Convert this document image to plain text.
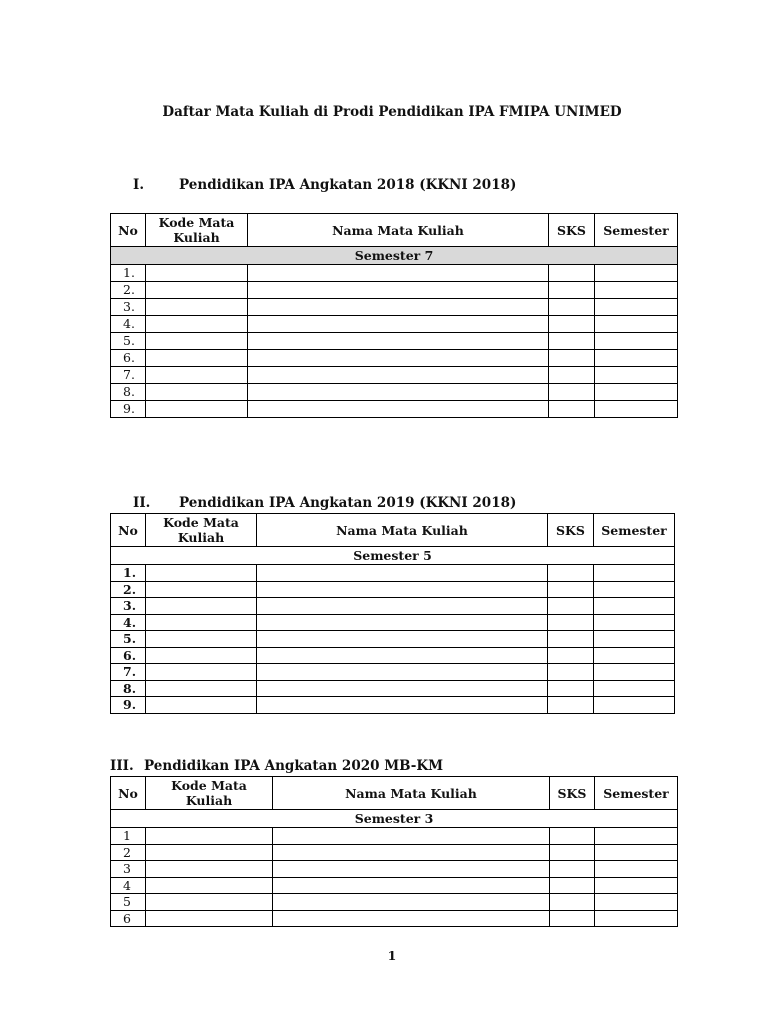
Daftar Mata Kuliah di Prodi Pendidikan IPA FMIPA UNIMED
I.	Pendidikan IPA Angkatan 2018 (KKNI 2018)
No	Kode Mata Kuliah	Nama Mata Kuliah	SKS	Semester
Semester 7				
1.				
2.				
3.				
4.				
5.				
6.				
7.				
8.				
9.				
II. Pendidikan IPA Angkatan 2019 (KKNI 2018)
No	Kode Mata Kuliah	Nama Mata Kuliah	SKS	Semester
Semester 5				
1.				
2.				
3.				
4.				
5.				
6.				
7.				
8.				
9.				
III. Pendidikan IPA Angkatan 2020 MB-KM
No	Kode Mata Kuliah	Nama Mata Kuliah	SKS	Semester
Semester 3				
1				
2				
3				
4				
5				
6				
1
